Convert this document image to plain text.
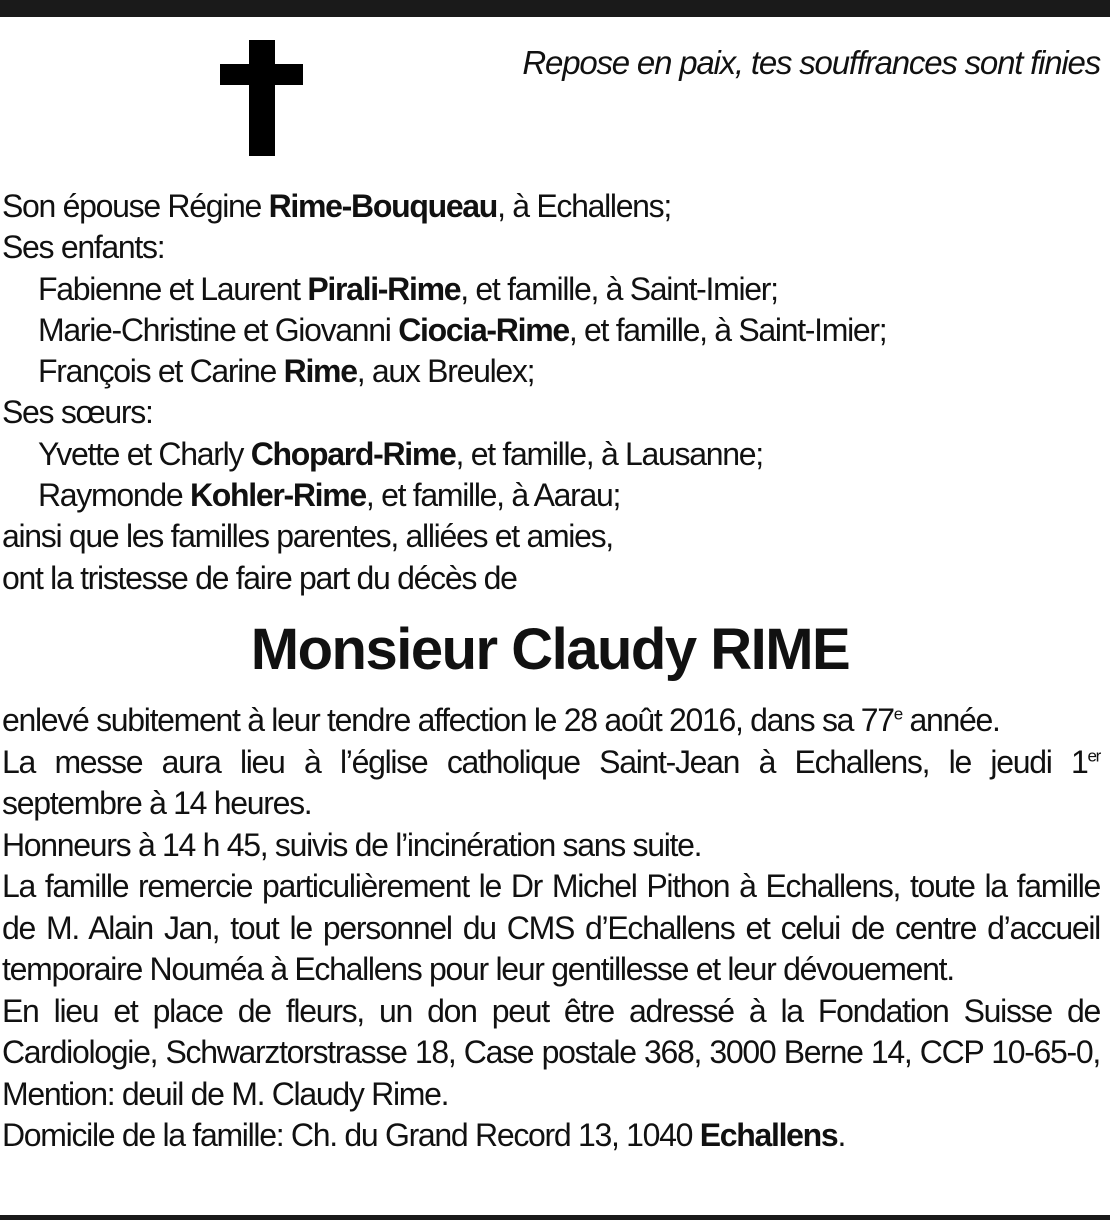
Repose en paix, tes souffrances sont finies
Son épouse Régine Rime-Bouqueau, à Echallens;
Ses enfants:
Fabienne et Laurent Pirali-Rime, et famille, à Saint-Imier;
Marie-Christine et Giovanni Ciocia-Rime, et famille, à Saint-Imier;
François et Carine Rime, aux Breulex;
Ses sœurs:
Yvette et Charly Chopard-Rime, et famille, à Lausanne;
Raymonde Kohler-Rime, et famille, à Aarau;
ainsi que les familles parentes, alliées et amies,
ont la tristesse de faire part du décès de
Monsieur Claudy RIME

enlevé subitement à leur tendre affection le 28 août 2016, dans sa 77e année.

La messe aura lieu à l’église catholique Saint-Jean à Echallens, le jeudi 1er septembre à 14 heures.

Honneurs à 14 h 45, suivis de l’incinération sans suite.

La famille remercie particulièrement le Dr Michel Pithon à Echallens, toute la famille de M. Alain Jan, tout le personnel du CMS d’Echallens et celui de centre d’accueil temporaire Nouméa à Echallens pour leur gentillesse et leur dévouement.

En lieu et place de fleurs, un don peut être adressé à la Fondation Suisse de Cardiologie, Schwarztorstrasse 18, Case postale 368, 3000 Berne 14, CCP 10-65-0, Mention: deuil de M. Claudy Rime.

Domicile de la famille: Ch. du Grand Record 13, 1040 Echallens.
